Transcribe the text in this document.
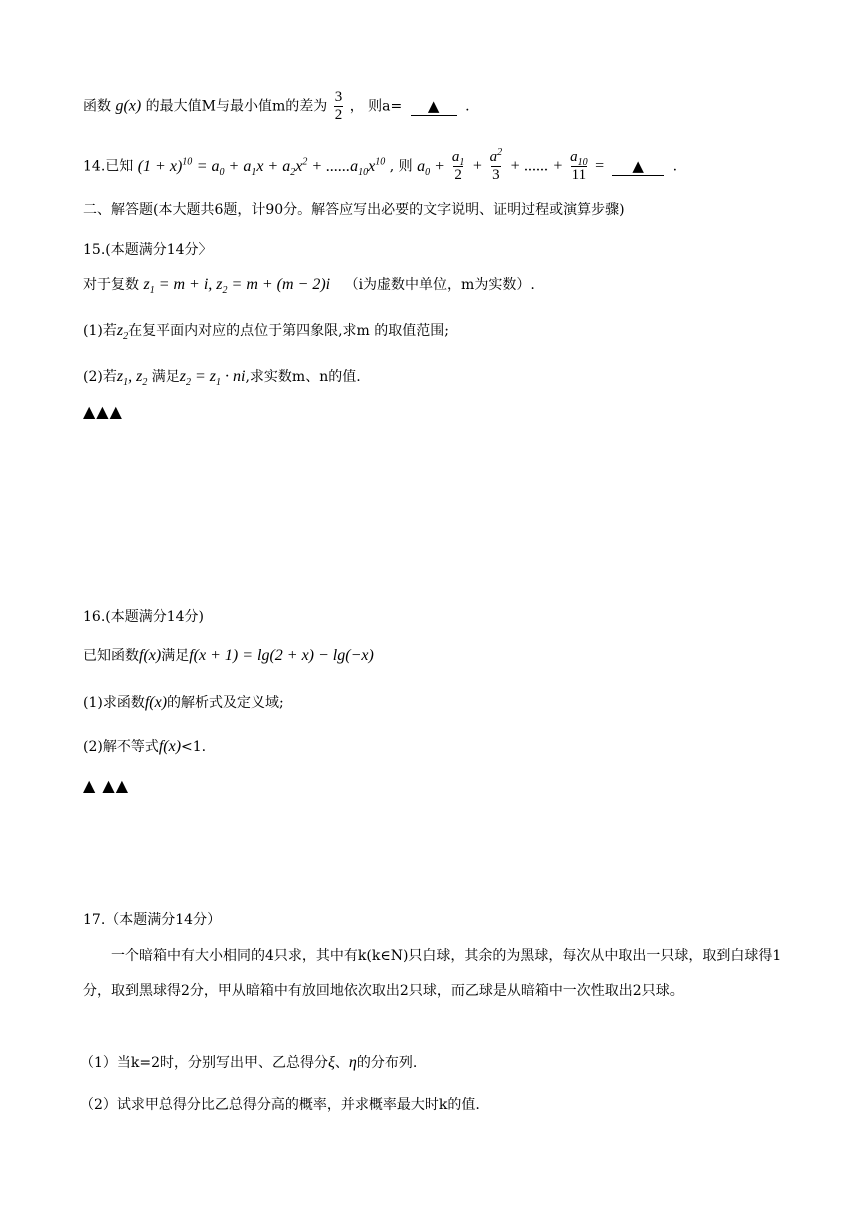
函数 g(x) 的最大值M与最小值m的差为 $\frac{3}{2}$ ， 则a= ▲ .
14.已知 $(1 + x)^{10} = a_0 + a_1x + a_2x^2 + ......a_{10}x^{10}$ , 则 $a_0 + \frac{a_1}{2} + \frac{a^2}{3}$ + ...... + $\frac{a_{10}}{11}$ = ▲ .
二、解答题(本大题共6题，计90分。解答应写出必要的文字说明、证明过程或演算步骤)
15.(本题满分14分〉
对于复数 $z_1 = m + i$, $z_2 = m + (m - 2)i$ （i为虚数中单位，m为实数）.
(1)若$z_2$在复平面内对应的点位于第四象限,求m 的取值范围;
(2)若$z_1$, $z_2$ 满足$z_2 = z_1$ · ni,求实数m、n的值.
▲▲▲
16.(本题满分14分)
已知函数f(x)满足f(x + 1) = lg(2 + x) − lg(−x)
(1)求函数f(x)的解析式及定义域;
(2)解不等式f(x)<1.
▲ ▲▲
17.（本题满分14分）
一个暗箱中有大小相同的4只求，其中有k(k∈N)只白球，其余的为黑球，每次从中取出一只球，取到白球得1分，取到黑球得2分，甲从暗箱中有放回地依次取出2只球，而乙球是从暗箱中一次性取出2只球。
（1）当k=2时，分别写出甲、乙总得分ξ、η的分布列.
（2）试求甲总得分比乙总得分高的概率，并求概率最大时k的值.
